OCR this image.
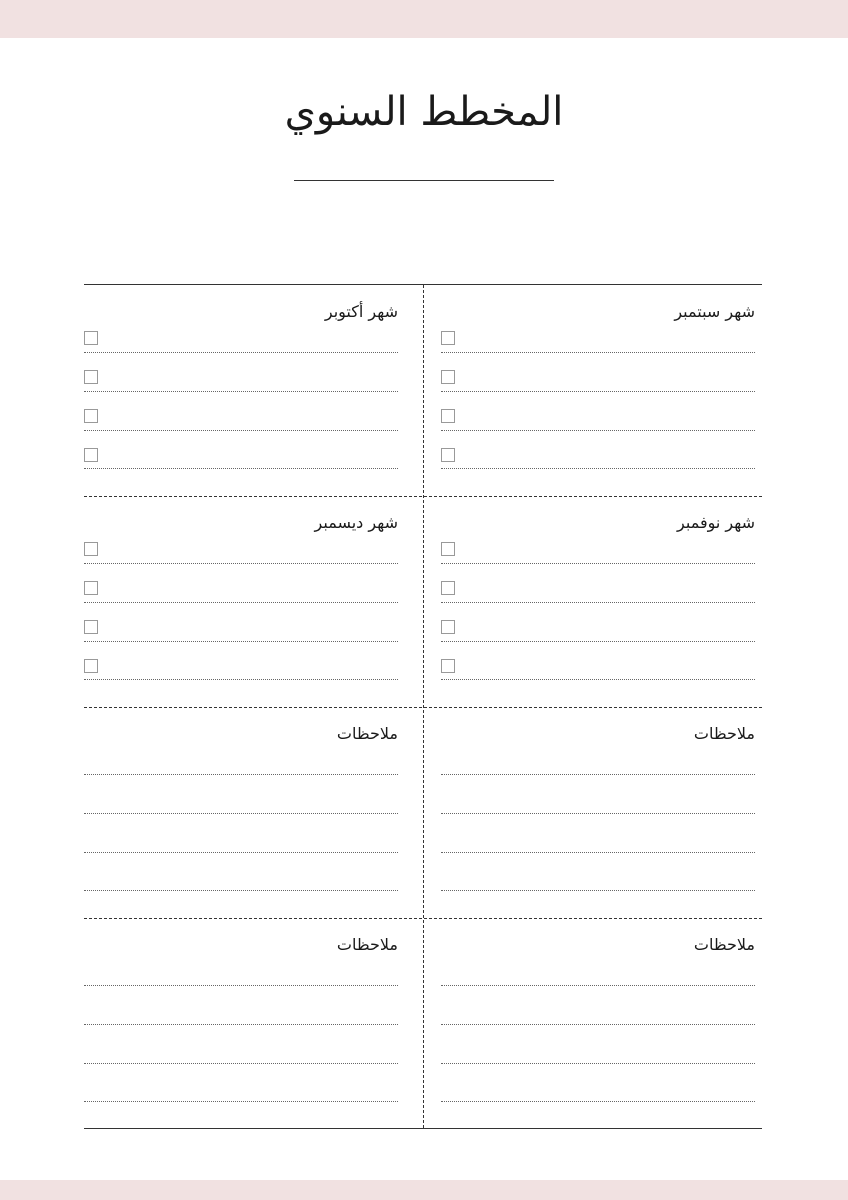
المخطط السنوي
شهر سبتمبر
شهر أكتوبر
شهر نوفمبر
شهر ديسمبر
ملاحظات
ملاحظات
ملاحظات
ملاحظات
